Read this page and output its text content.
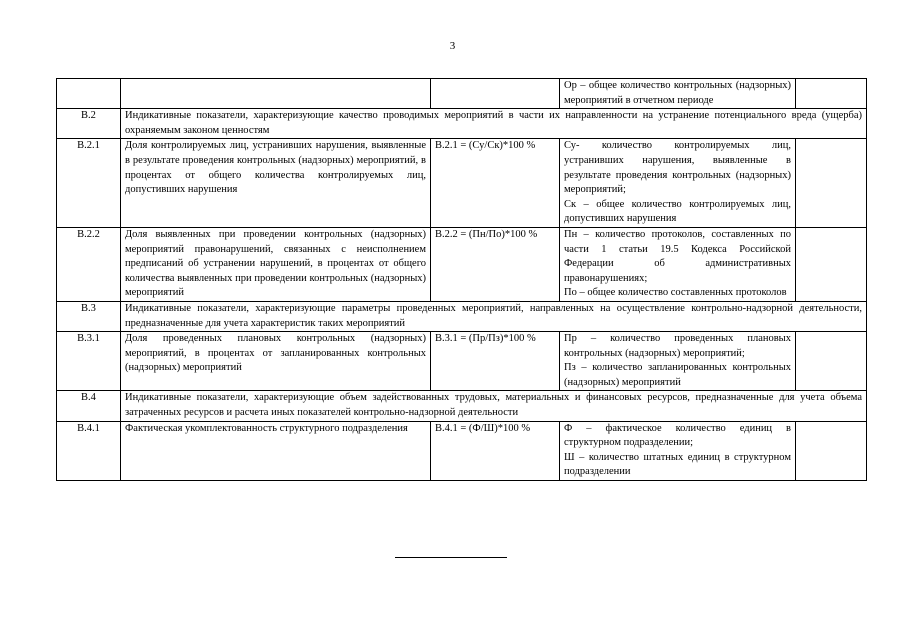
3
			Ор – общее количество контрольных (надзорных) мероприятий в отчетном периоде	
В.2	Индикативные показатели, характеризующие качество проводимых мероприятий в части их направленности на устранение потенциального вреда (ущерба) охраняемым законом ценностям			
В.2.1	Доля контролируемых лиц, устранивших нарушения, выявленные в результате проведения контрольных (надзорных) мероприятий, в процентах от общего количества контролируемых лиц, допустивших нарушения	В.2.1 = (Су/Ск)*100 %	Су- количество контролируемых лиц, устранивших нарушения, выявленные в результате проведения контрольных (надзорных) мероприятий;
Ск – общее количество контролируемых лиц, допустивших нарушения	
В.2.2	Доля выявленных при проведении контрольных (надзорных) мероприятий правонарушений, связанных с неисполнением предписаний об устранении нарушений, в процентах от общего количества выявленных при проведении контрольных (надзорных) мероприятий	В.2.2 = (Пн/По)*100 %	Пн – количество протоколов, составленных по части 1 статьи 19.5 Кодекса Российской Федерации об административных правонарушениях;
По – общее количество составленных протоколов	
В.3	Индикативные показатели, характеризующие параметры проведенных мероприятий, направленных на осуществление контрольно-надзорной деятельности, предназначенные для учета характеристик таких мероприятий			
В.3.1	Доля проведенных плановых контрольных (надзорных) мероприятий, в процентах от запланированных контрольных (надзорных) мероприятий	В.3.1 = (Пр/Пз)*100 %	Пр – количество проведенных плановых контрольных (надзорных) мероприятий;
Пз – количество запланированных контрольных (надзорных) мероприятий	
В.4	Индикативные показатели, характеризующие объем задействованных трудовых, материальных и финансовых ресурсов, предназначенные для учета объема затраченных ресурсов и расчета иных показателей контрольно-надзорной деятельности			
В.4.1	Фактическая укомплектованность структурного подразделения	В.4.1 = (Ф/Ш)*100 %	Ф – фактическое количество единиц в структурном подразделении;
Ш – количество штатных единиц в структурном подразделении	
